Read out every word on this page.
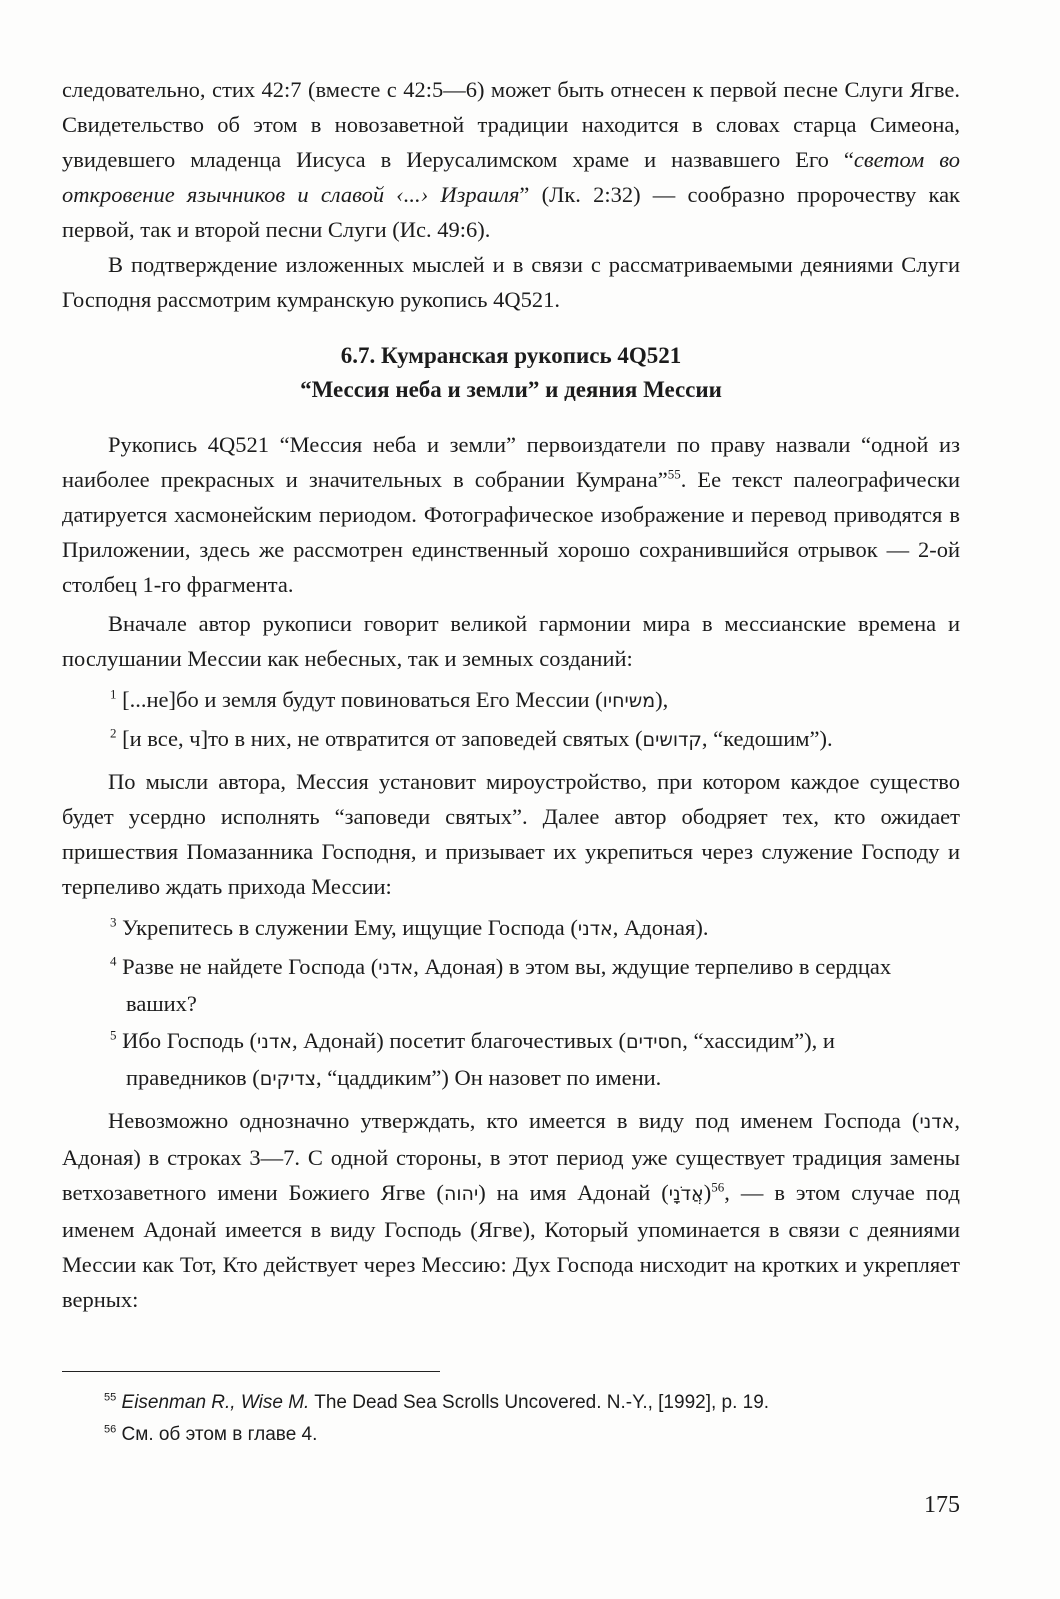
следовательно, стих 42:7 (вместе с 42:5—6) может быть отнесен к первой песне Слуги Ягве. Свидетельство об этом в новозаветной традиции находится в словах старца Симеона, увидевшего младенца Иисуса в Иерусалимском храме и назвавшего Его “светом во откровение язычников и славой ‹...› Израиля” (Лк. 2:32) — сообразно пророчеству как первой, так и второй песни Слуги (Ис. 49:6).

В подтверждение изложенных мыслей и в связи с рассматриваемыми деяниями Слуги Господня рассмотрим кумранскую рукопись 4Q521.

6.7. Кумранская рукопись 4Q521
“Мессия неба и земли” и деяния Мессии

Рукопись 4Q521 “Мессия неба и земли” первоиздатели по праву назвали “одной из наиболее прекрасных и значительных в собрании Кумрана”$^{55}$. Ее текст палеографически датируется хасмонейским периодом. Фотографическое изображение и перевод приводятся в Приложении, здесь же рассмотрен единственный хорошо сохранившийся отрывок — 2-ой столбец 1-го фрагмента.

Вначале автор рукописи говорит великой гармонии мира в мессианские времена и послушании Мессии как небесных, так и земных созданий:

$^1$ [...не]бо и земля будут повиноваться Его Мессии (משיחיו),
$^2$ [и все, ч]то в них, не отвратится от заповедей святых (קדושים, “кедошим”).

По мысли автора, Мессия установит мироустройство, при котором каждое существо будет усердно исполнять “заповеди святых”. Далее автор ободряет тех, кто ожидает пришествия Помазанника Господня, и призывает их укрепиться через служение Господу и терпеливо ждать прихода Мессии:

$^3$ Укрепитесь в служении Ему, ищущие Господа (אדני, Адоная).
$^4$ Разве не найдете Господа (אדני, Адоная) в этом вы, ждущие терпеливо в сердцах ваших?
$^5$ Ибо Господь (אדני, Адонай) посетит благочестивых (חסידים, “хассидим”), и праведников (צדיקים, “цаддиким”) Он назовет по имени.

Невозможно однозначно утверждать, кто имеется в виду под именем Господа (אדני, Адоная) в строках 3—7. С одной стороны, в этот период уже существует традиция замены ветхозаветного имени Божиего Ягве (יהוה) на имя Адонай (אֲדֹנָי)$^{56}$, — в этом случае под именем Адонай имеется в виду Господь (Ягве), Который упоминается в связи с деяниями Мессии как Тот, Кто действует через Мессию: Дух Господа нисходит на кротких и укрепляет верных:

$^{55}$ Eisenman R., Wise M. The Dead Sea Scrolls Uncovered. N.-Y., [1992], p. 19.
$^{56}$ См. об этом в главе 4.
175
